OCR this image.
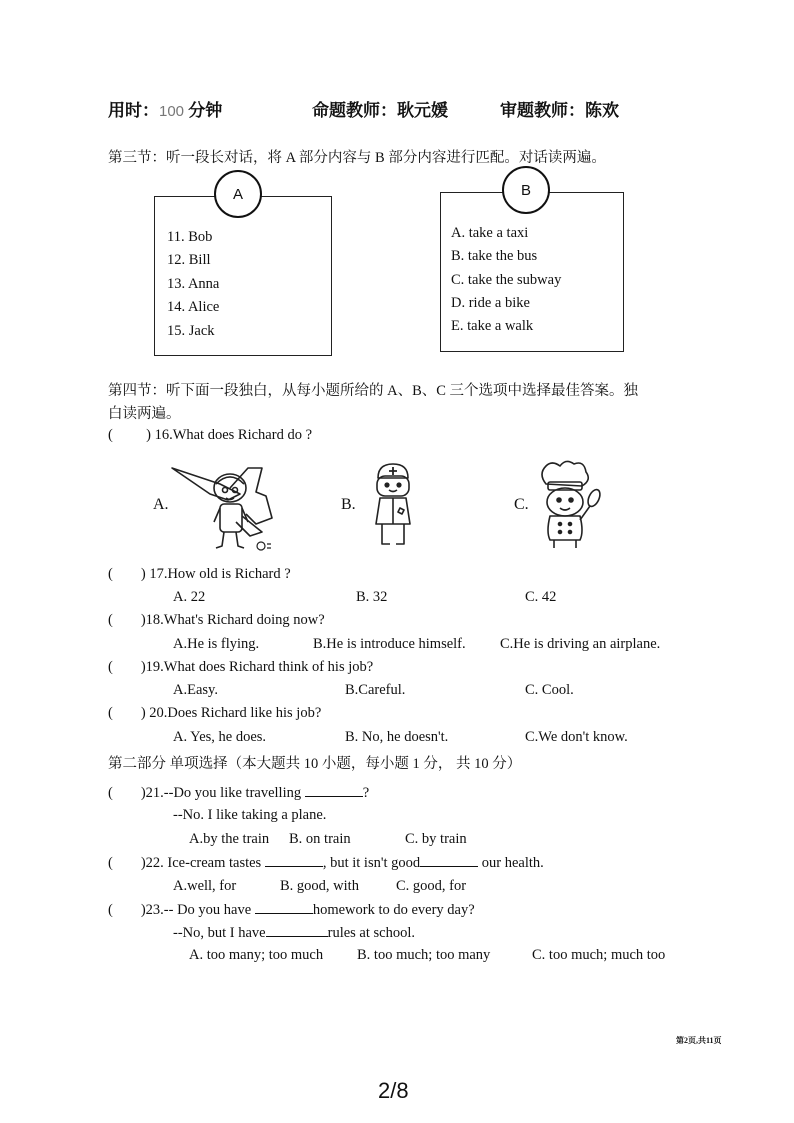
用时：100 分钟	命题教师：耿元媛	审题教师：陈欢
第三节：听一段长对话，将 A 部分内容与 B 部分内容进行匹配。对话读两遍。
11. Bob
12. Bill
13. Anna
14. Alice
15. Jack
A
A. take a taxi
B. take the bus
C. take the subway
D. ride a bike
E. take a walk
B
第四节：听下面一段独白，从每小题所给的 A、B、C 三个选项中选择最佳答案。独
白读两遍。
( ) 16.What does Richard do ?
A.	B.	C.
( ) 17.How old is Richard ?
A. 22	B. 32	C. 42
( )18.What's Richard doing now?
A.He is flying.	B.He is introduce himself. C.He is driving an airplane.
( )19.What does Richard think of his job?
A.Easy.	B.Careful.	C. Cool.
( ) 20.Does Richard like his job?
A. Yes, he does.	B. No, he doesn't.	C.We don't know.
第二部分 单项选择（本大题共 10 小题，每小题 1 分， 共 10 分）
( )21.--Do you like travelling	?
--No. I like taking a plane.
A.by the train B. on train	C. by train
( )22. Ice-cream tastes	, but it isn't good	our health.
A.well, for	B. good, with	C. good, for
( )23.-- Do you have	homework to do every day?
--No, but I have	rules at school.
A. too many; too much B. too much; too many	C. too much; much too
第2页,共11页
2/8
